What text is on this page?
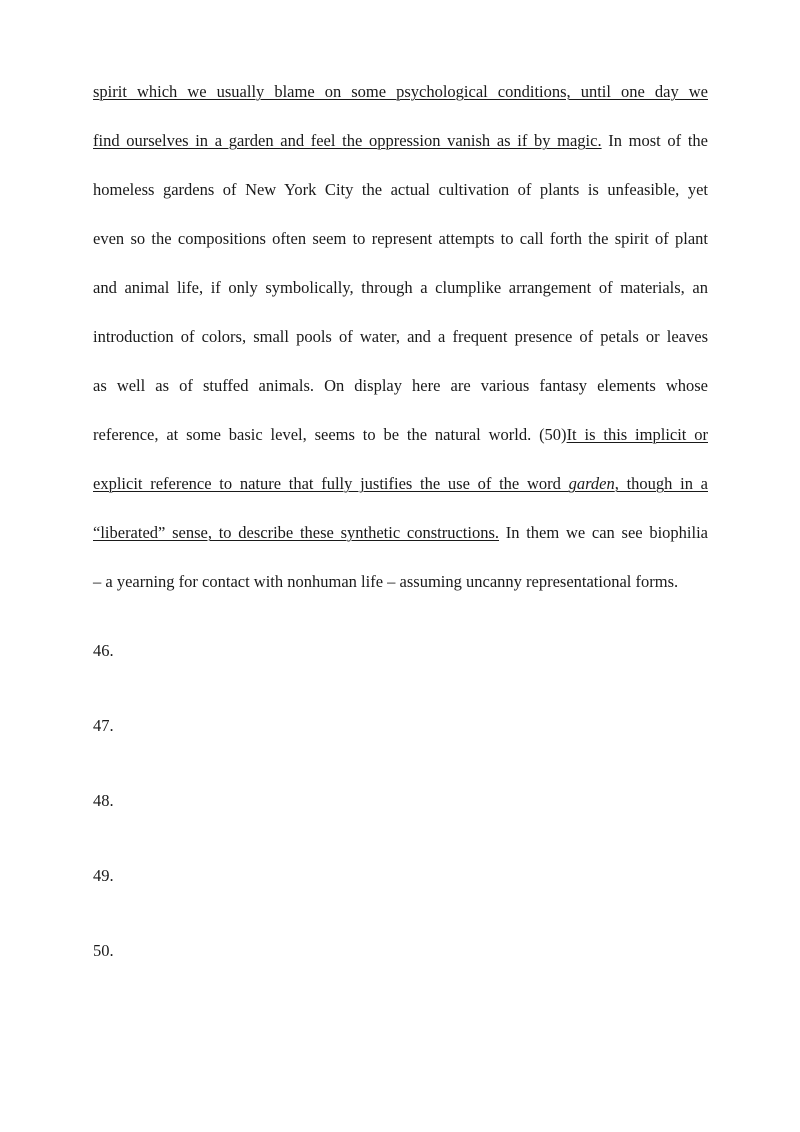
spirit which we usually blame on some psychological conditions, until one day we
find ourselves in a garden and feel the oppression vanish as if by magic. In most of the
homeless gardens of New York City the actual cultivation of plants is unfeasible, yet
even so the compositions often seem to represent attempts to call forth the spirit of plant
and animal life, if only symbolically, through a clumplike arrangement of materials, an
introduction of colors, small pools of water, and a frequent presence of petals or leaves
as well as of stuffed animals. On display here are various fantasy elements whose
reference, at some basic level, seems to be the natural world. (50)It is this implicit or
explicit reference to nature that fully justifies the use of the word garden, though in a
“liberated” sense, to describe these synthetic constructions. In them we can see biophilia
– a yearning for contact with nonhuman life – assuming uncanny representational forms.
46.
47.
48.
49.
50.
